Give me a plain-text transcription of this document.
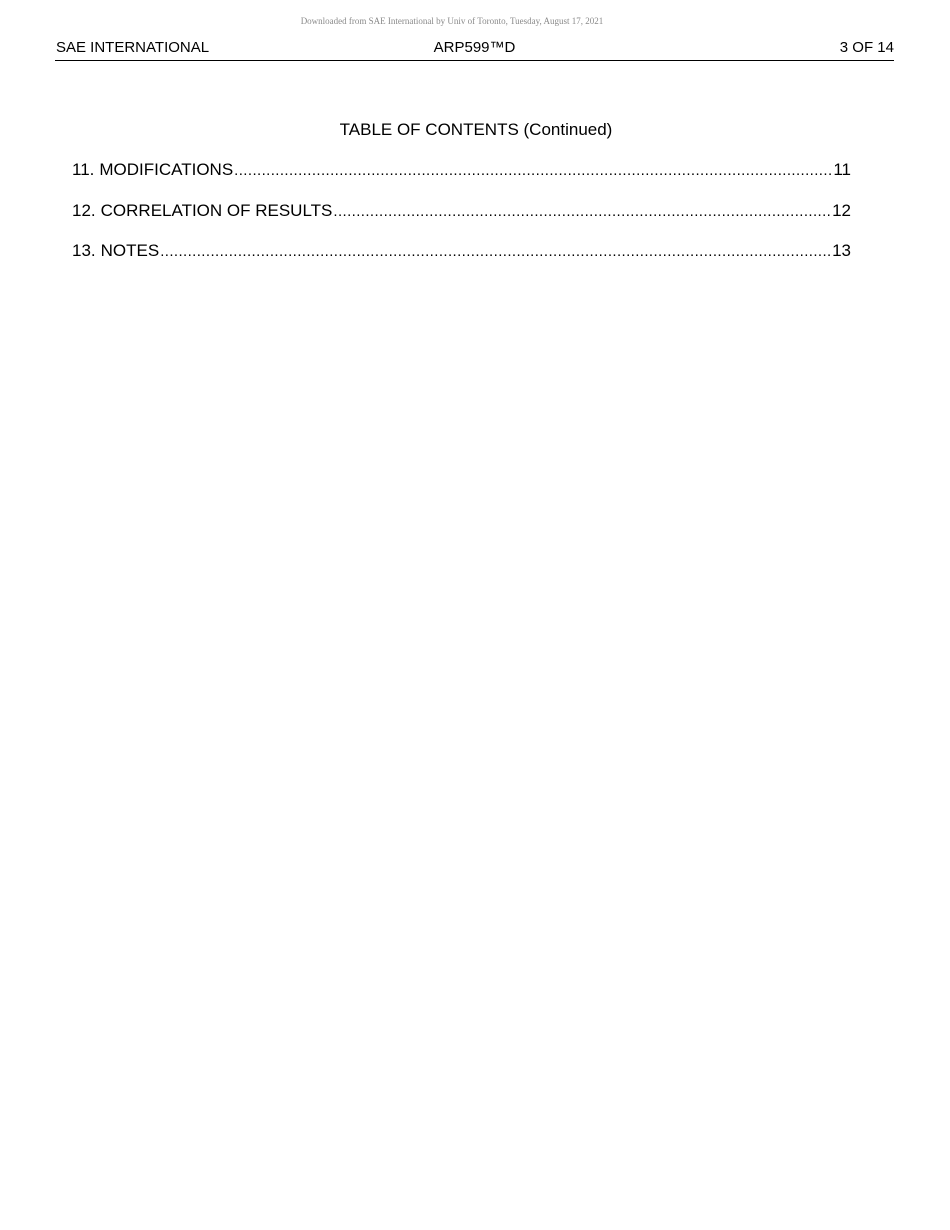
Downloaded from SAE International by Univ of Toronto, Tuesday, August 17, 2021
ARP599™D
SAE INTERNATIONAL	3 OF 14
TABLE OF CONTENTS (Continued)
11. MODIFICATIONS .....	11
12. CORRELATION OF RESULTS .....	12
13. NOTES .....	13
